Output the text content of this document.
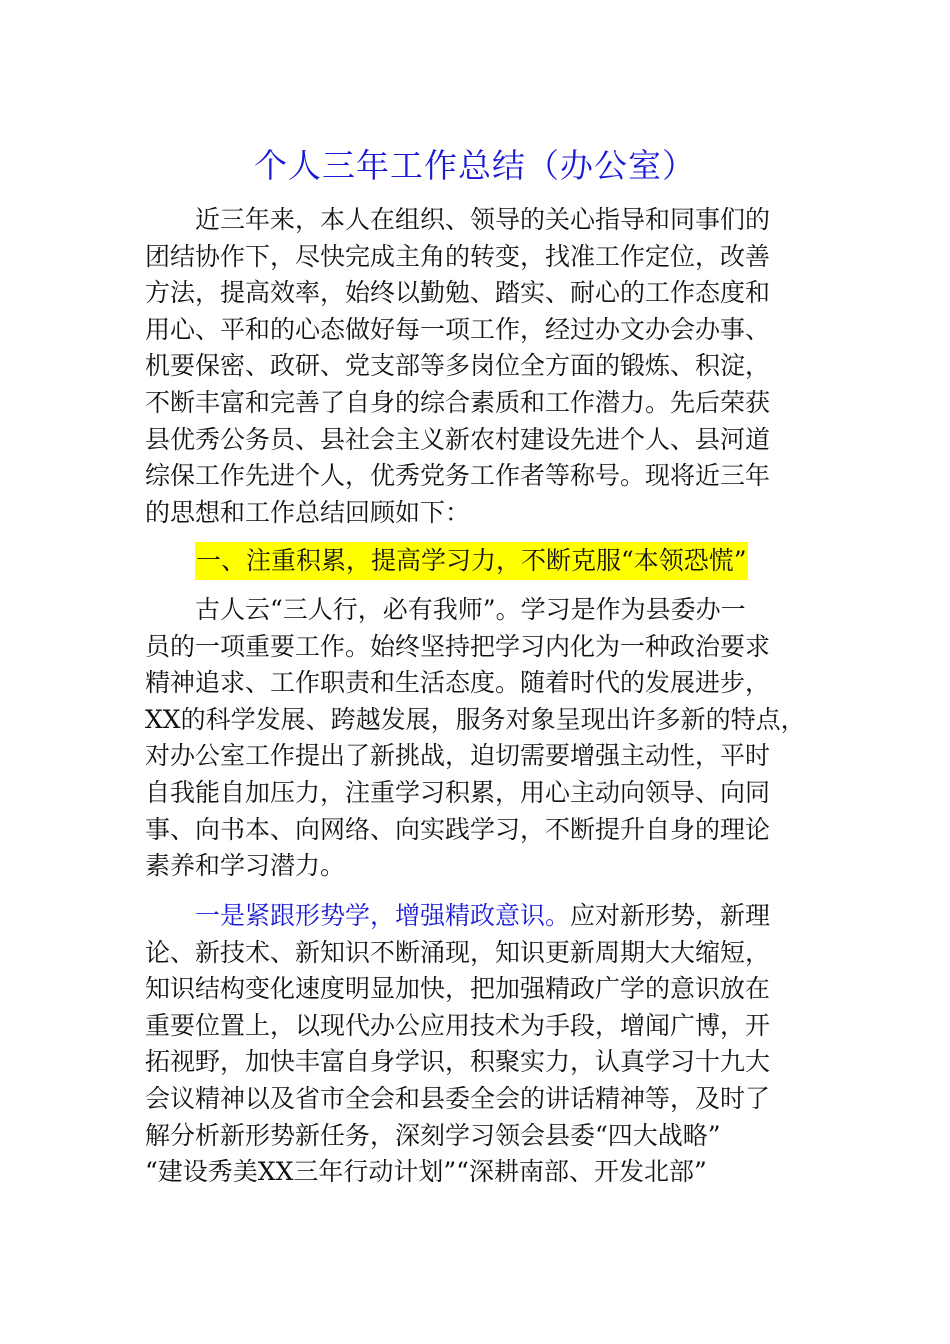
个人三年工作总结（办公室）
近三年来，本人在组织、领导的关心指导和同事们的
团结协作下，尽快完成主角的转变，找准工作定位，改善
方法，提高效率，始终以勤勉、踏实、耐心的工作态度和
用心、平和的心态做好每一项工作，经过办文办会办事、
机要保密、政研、党支部等多岗位全方面的锻炼、积淀，
不断丰富和完善了自身的综合素质和工作潜力。先后荣获
县优秀公务员、县社会主义新农村建设先进个人、县河道
综保工作先进个人，优秀党务工作者等称号。现将近三年
的思想和工作总结回顾如下：
一、注重积累，提高学习力，不断克服“本领恐慌”
古人云“三人行，必有我师”。学习是作为县委办一
员的一项重要工作。始终坚持把学习内化为一种政治要求
精神追求、工作职责和生活态度。随着时代的发展进步，
XX的科学发展、跨越发展，服务对象呈现出许多新的特点，
对办公室工作提出了新挑战，迫切需要增强主动性，平时
自我能自加压力，注重学习积累，用心主动向领导、向同
事、向书本、向网络、向实践学习，不断提升自身的理论
素养和学习潜力。
一是紧跟形势学，增强精政意识。应对新形势，新理
论、新技术、新知识不断涌现，知识更新周期大大缩短，
知识结构变化速度明显加快，把加强精政广学的意识放在
重要位置上，以现代办公应用技术为手段，增闻广博，开
拓视野，加快丰富自身学识，积聚实力，认真学习十九大
会议精神以及省市全会和县委全会的讲话精神等，及时了
解分析新形势新任务，深刻学习领会县委“四大战略”
“建设秀美XX三年行动计划”“深耕南部、开发北部”
